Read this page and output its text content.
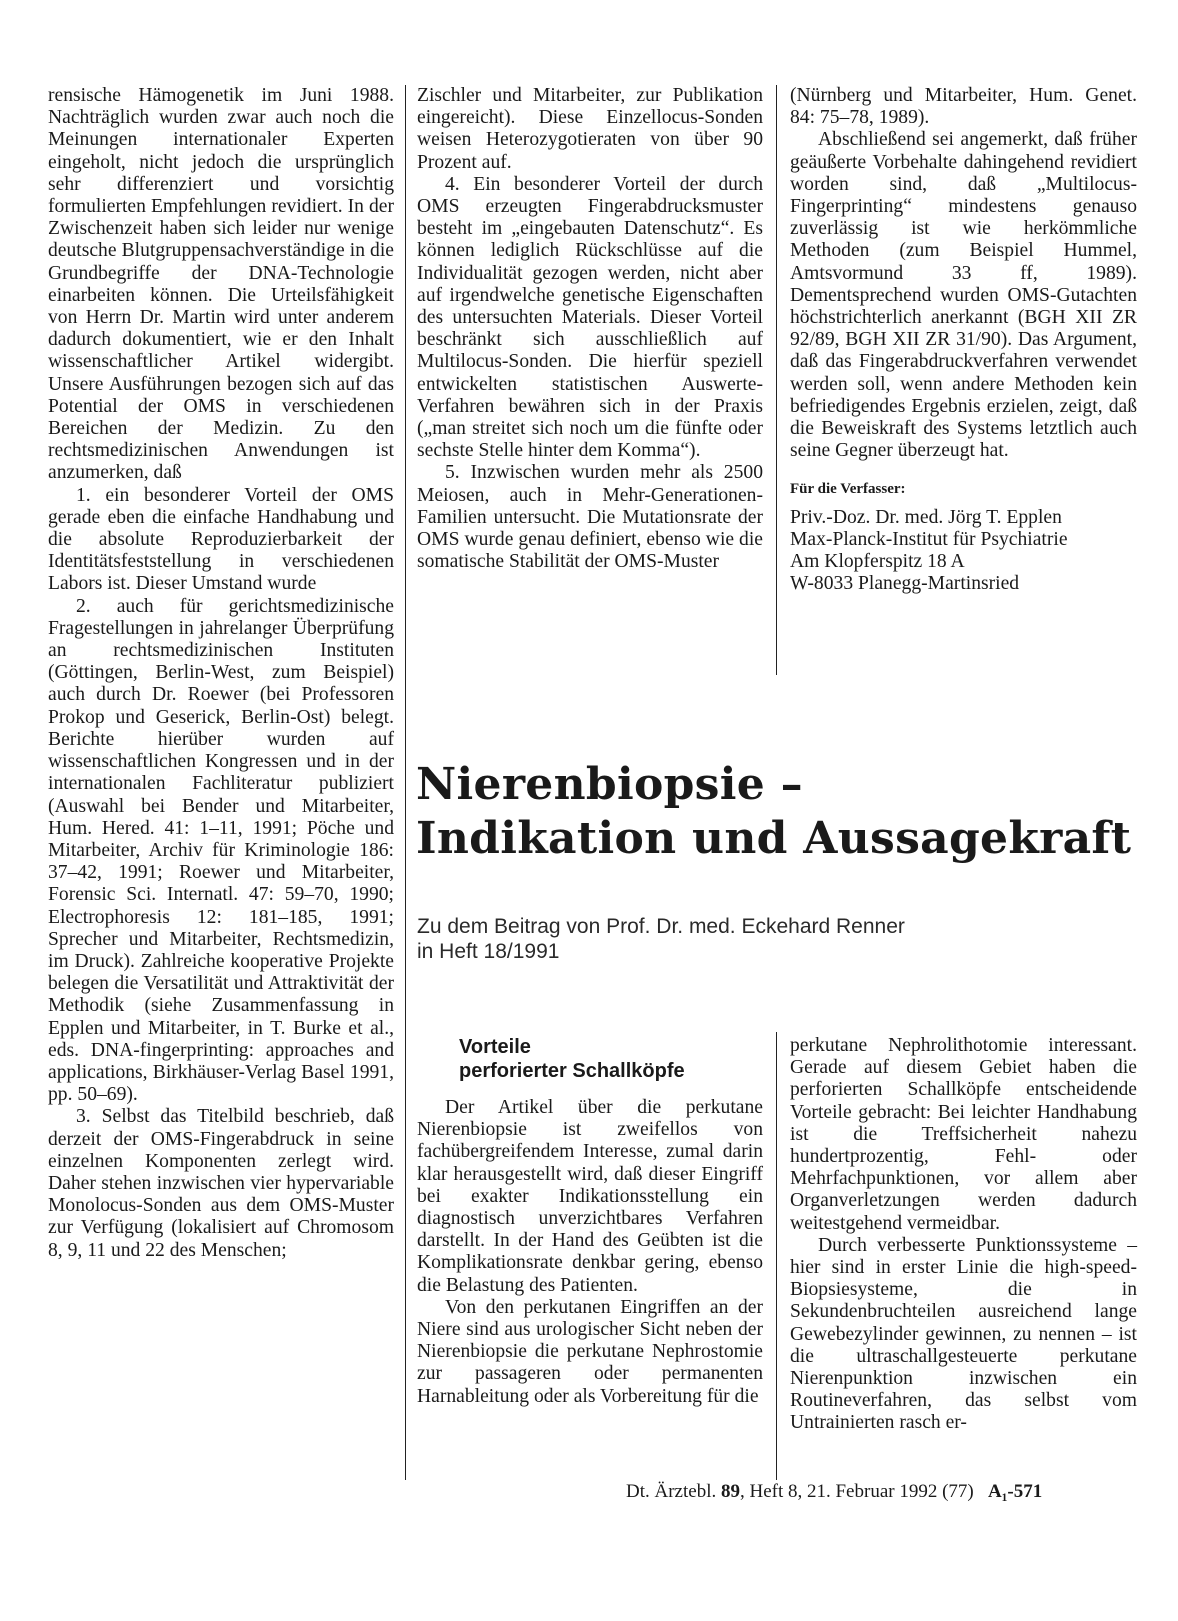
rensische Hämogenetik im Juni 1988. Nachträglich wurden zwar auch noch die Meinungen internationaler Experten eingeholt, nicht jedoch die ursprünglich sehr differenziert und vorsichtig formulierten Empfehlungen revidiert. In der Zwischenzeit haben sich leider nur wenige deutsche Blutgruppensachverständige in die Grundbegriffe der DNA-Technologie einarbeiten können. Die Urteilsfähigkeit von Herrn Dr. Martin wird unter anderem dadurch dokumentiert, wie er den Inhalt wissenschaftlicher Artikel widergibt. Unsere Ausführungen bezogen sich auf das Potential der OMS in verschiedenen Bereichen der Medizin. Zu den rechtsmedizinischen Anwendungen ist anzumerken, daß

1. ein besonderer Vorteil der OMS gerade eben die einfache Handhabung und die absolute Reproduzierbarkeit der Identitätsfeststellung in verschiedenen Labors ist. Dieser Umstand wurde

2. auch für gerichtsmedizinische Fragestellungen in jahrelanger Überprüfung an rechtsmedizinischen Instituten (Göttingen, Berlin-West, zum Beispiel) auch durch Dr. Roewer (bei Professoren Prokop und Geserick, Berlin-Ost) belegt. Berichte hierüber wurden auf wissenschaftlichen Kongressen und in der internationalen Fachliteratur publiziert (Auswahl bei Bender und Mitarbeiter, Hum. Hered. 41: 1–11, 1991; Pöche und Mitarbeiter, Archiv für Kriminologie 186: 37–42, 1991; Roewer und Mitarbeiter, Forensic Sci. Internatl. 47: 59–70, 1990; Electrophoresis 12: 181–185, 1991; Sprecher und Mitarbeiter, Rechtsmedizin, im Druck). Zahlreiche kooperative Projekte belegen die Versatilität und Attraktivität der Methodik (siehe Zusammenfassung in Epplen und Mitarbeiter, in T. Burke et al., eds. DNA-fingerprinting: approaches and applications, Birkhäuser-Verlag Basel 1991, pp. 50–69).

3. Selbst das Titelbild beschrieb, daß derzeit der OMS-Fingerabdruck in seine einzelnen Komponenten zerlegt wird. Daher stehen inzwischen vier hypervariable Monolocus-Sonden aus dem OMS-Muster zur Verfügung (lokalisiert auf Chromosom 8, 9, 11 und 22 des Menschen;

Zischler und Mitarbeiter, zur Publikation eingereicht). Diese Einzellocus-Sonden weisen Heterozygotieraten von über 90 Prozent auf.

4. Ein besonderer Vorteil der durch OMS erzeugten Fingerabdrucksmuster besteht im „eingebauten Datenschutz“. Es können lediglich Rückschlüsse auf die Individualität gezogen werden, nicht aber auf irgendwelche genetische Eigenschaften des untersuchten Materials. Dieser Vorteil beschränkt sich ausschließlich auf Multilocus-Sonden. Die hierfür speziell entwickelten statistischen Auswerte-Verfahren bewähren sich in der Praxis („man streitet sich noch um die fünfte oder sechste Stelle hinter dem Komma“).

5. Inzwischen wurden mehr als 2500 Meiosen, auch in Mehr-Generationen-Familien untersucht. Die Mutationsrate der OMS wurde genau definiert, ebenso wie die somatische Stabilität der OMS-Muster

(Nürnberg und Mitarbeiter, Hum. Genet. 84: 75–78, 1989).

Abschließend sei angemerkt, daß früher geäußerte Vorbehalte dahingehend revidiert worden sind, daß „Multilocus-Fingerprinting“ mindestens genauso zuverlässig ist wie herkömmliche Methoden (zum Beispiel Hummel, Amtsvormund 33 ff, 1989). Dementsprechend wurden OMS-Gutachten höchstrichterlich anerkannt (BGH XII ZR 92/89, BGH XII ZR 31/90). Das Argument, daß das Fingerabdruckverfahren verwendet werden soll, wenn andere Methoden kein befriedigendes Ergebnis erzielen, zeigt, daß die Beweiskraft des Systems letztlich auch seine Gegner überzeugt hat.

Für die Verfasser:

Priv.-Doz. Dr. med. Jörg T. Epplen

Max-Planck-Institut für Psychiatrie

Am Klopferspitz 18 A

W-8033 Planegg-Martinsried

Nierenbiopsie –
Indikation und Aussagekraft

Zu dem Beitrag von Prof. Dr. med. Eckehard Renner
in Heft 18/1991

Vorteile
perforierter Schallköpfe

Der Artikel über die perkutane Nierenbiopsie ist zweifellos von fachübergreifendem Interesse, zumal darin klar herausgestellt wird, daß dieser Eingriff bei exakter Indikationsstellung ein diagnostisch unverzichtbares Verfahren darstellt. In der Hand des Geübten ist die Komplikationsrate denkbar gering, ebenso die Belastung des Patienten.

Von den perkutanen Eingriffen an der Niere sind aus urologischer Sicht neben der Nierenbiopsie die perkutane Nephrostomie zur passageren oder permanenten Harnableitung oder als Vorbereitung für die

perkutane Nephrolithotomie interessant. Gerade auf diesem Gebiet haben die perforierten Schallköpfe entscheidende Vorteile gebracht: Bei leichter Handhabung ist die Treffsicherheit nahezu hundertprozentig, Fehl- oder Mehrfachpunktionen, vor allem aber Organverletzungen werden dadurch weitestgehend vermeidbar.

Durch verbesserte Punktionssysteme – hier sind in erster Linie die high-speed-Biopsiesysteme, die in Sekundenbruchteilen ausreichend lange Gewebezylinder gewinnen, zu nennen – ist die ultraschallgesteuerte perkutane Nierenpunktion inzwischen ein Routineverfahren, das selbst vom Untrainierten rasch er-

Dt. Ärztebl. 89, Heft 8, 21. Februar 1992 (77) A₁-571
